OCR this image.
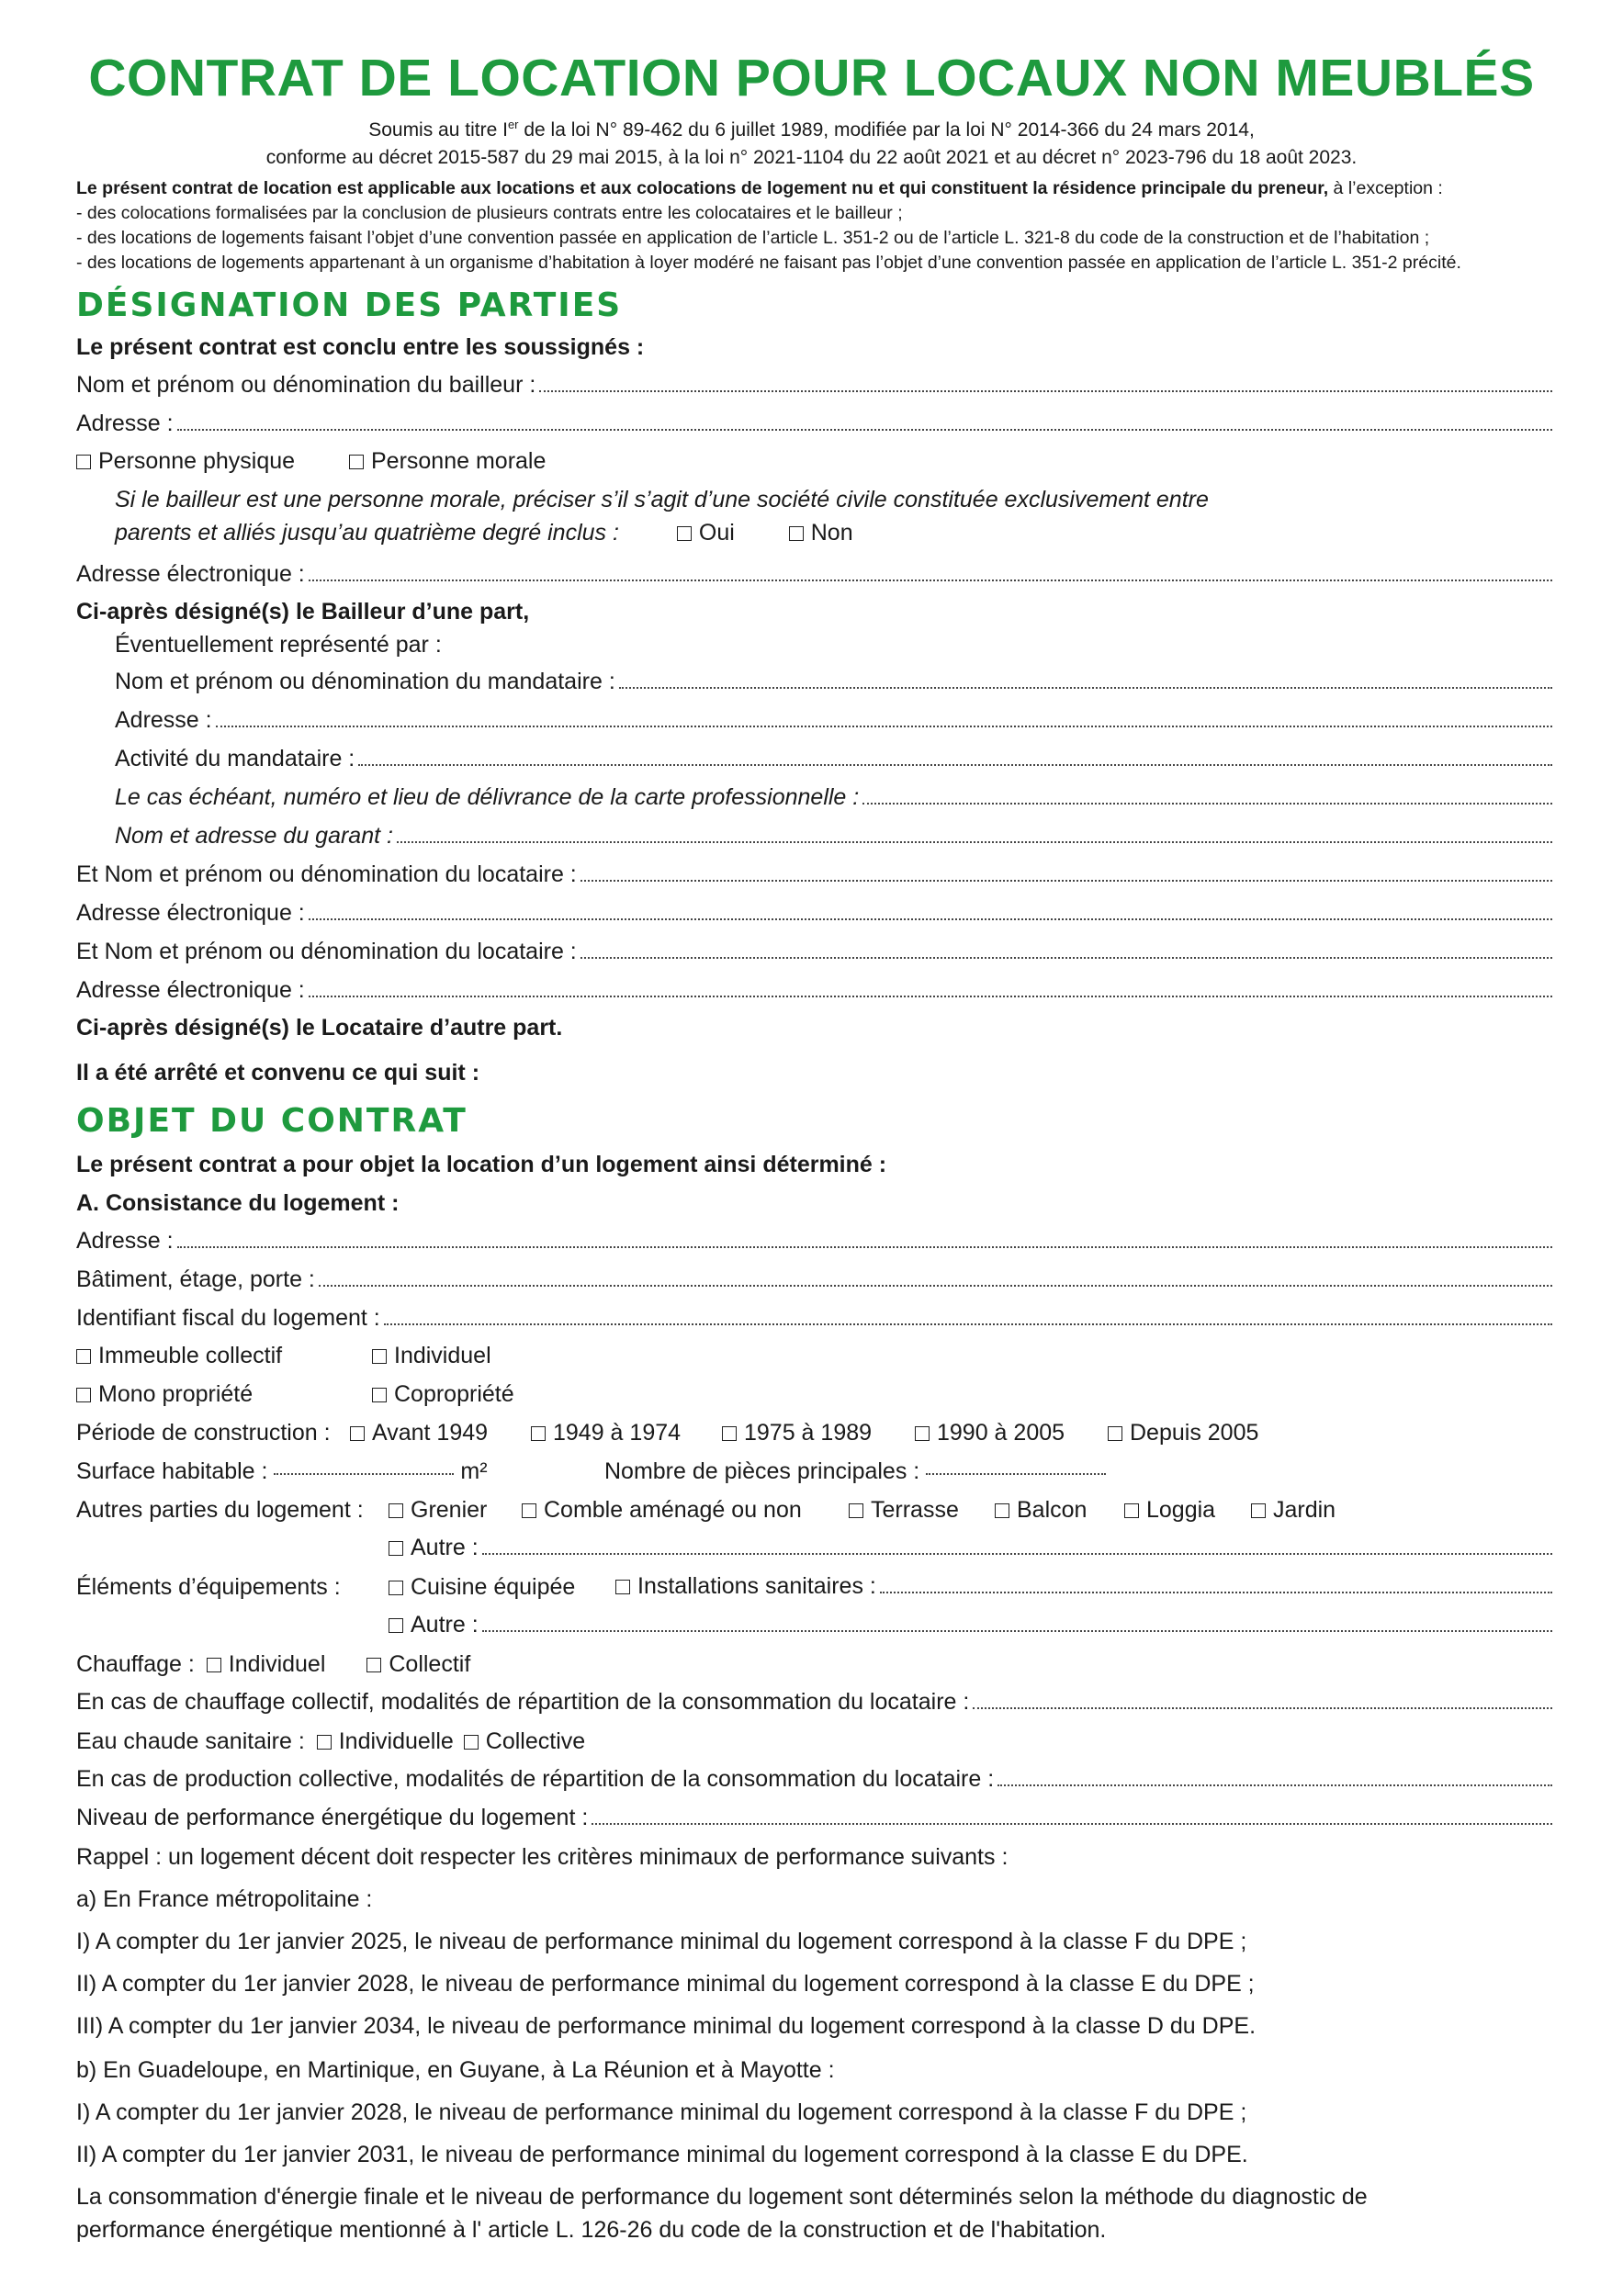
CONTRAT DE LOCATION POUR LOCAUX NON MEUBLÉS
Soumis au titre Ier de la loi N° 89-462 du 6 juillet 1989, modifiée par la loi N° 2014-366 du 24 mars 2014,
conforme au décret 2015-587 du 29 mai 2015, à la loi n° 2021-1104 du 22 août 2021 et au décret n° 2023-796 du 18 août 2023.
Le présent contrat de location est applicable aux locations et aux colocations de logement nu et qui constituent la résidence principale du preneur, à l’exception :
- des colocations formalisées par la conclusion de plusieurs contrats entre les colocataires et le bailleur ;
- des locations de logements faisant l’objet d’une convention passée en application de l’article L. 351-2 ou de l’article L. 321-8 du code de la construction et de l’habitation ;
- des locations de logements appartenant à un organisme d’habitation à loyer modéré ne faisant pas l’objet d’une convention passée en application de l’article L. 351-2 précité.
DÉSIGNATION DES PARTIES
Le présent contrat est conclu entre les soussignés :
Nom et prénom ou dénomination du bailleur :
Adresse :
Personne physique	Personne morale
Si le bailleur est une personne morale, préciser s’il s’agit d’une société civile constituée exclusivement entre
parents et alliés jusqu’au quatrième degré inclus :	Oui	Non
Adresse électronique :
Ci-après désigné(s) le Bailleur d’une part,
Éventuellement représenté par :
Nom et prénom ou dénomination du mandataire :
Adresse :
Activité du mandataire :
Le cas échéant, numéro et lieu de délivrance de la carte professionnelle :
Nom et adresse du garant :
Et Nom et prénom ou dénomination du locataire :
Adresse électronique :
Et Nom et prénom ou dénomination du locataire :
Adresse électronique :
Ci-après désigné(s) le Locataire d’autre part.
Il a été arrêté et convenu ce qui suit :
OBJET DU CONTRAT
Le présent contrat a pour objet la location d’un logement ainsi déterminé :
A. Consistance du logement :
Adresse :
Bâtiment, étage, porte :
Identifiant fiscal du logement :
Immeuble collectif	Individuel
Mono propriété	Copropriété
Période de construction :	Avant 1949	1949 à 1974	1975 à 1989	1990 à 2005	Depuis 2005
Surface habitable :	m²	Nombre de pièces principales :
Autres parties du logement :	Grenier	Comble aménagé ou non	Terrasse	Balcon	Loggia	Jardin
Autre :
Éléments d’équipements :	Cuisine équipée	Installations sanitaires :
Autre :
Chauffage : Individuel	Collectif
En cas de chauffage collectif, modalités de répartition de la consommation du locataire :
Eau chaude sanitaire : Individuelle Collective
En cas de production collective, modalités de répartition de la consommation du locataire :
Niveau de performance énergétique du logement :
Rappel : un logement décent doit respecter les critères minimaux de performance suivants :
a) En France métropolitaine :
I) A compter du 1er janvier 2025, le niveau de performance minimal du logement correspond à la classe F du DPE ;
II) A compter du 1er janvier 2028, le niveau de performance minimal du logement correspond à la classe E du DPE ;
III) A compter du 1er janvier 2034, le niveau de performance minimal du logement correspond à la classe D du DPE.
b) En Guadeloupe, en Martinique, en Guyane, à La Réunion et à Mayotte :
I) A compter du 1er janvier 2028, le niveau de performance minimal du logement correspond à la classe F du DPE ;
II) A compter du 1er janvier 2031, le niveau de performance minimal du logement correspond à la classe E du DPE.
La consommation d'énergie finale et le niveau de performance du logement sont déterminés selon la méthode du diagnostic de
performance énergétique mentionné à l' article L. 126-26 du code de la construction et de l'habitation.
